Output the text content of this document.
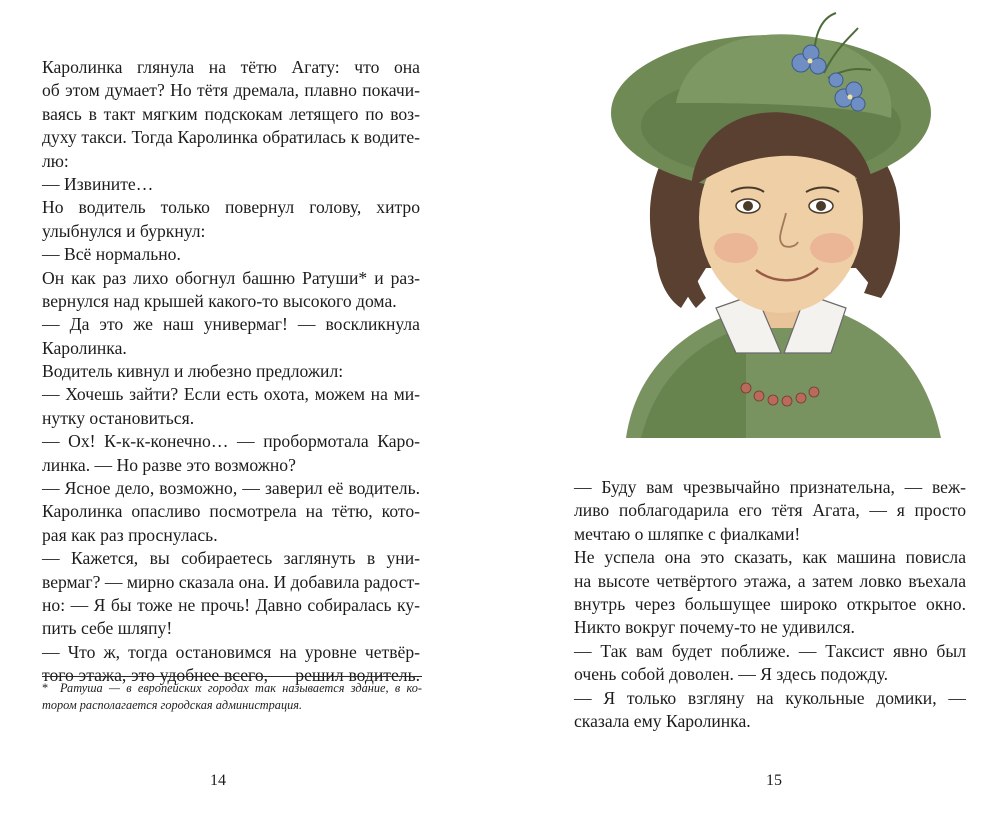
Каролинка глянула на тётю Агату: что она
об этом думает? Но тётя дремала, плавно покачи-
ваясь в такт мягким подскокам летящего по воз-
духу такси. Тогда Каролинка обратилась к водите-
лю:
— Извините…
Но водитель только повернул голову, хитро
улыбнулся и буркнул:
— Всё нормально.
Он как раз лихо обогнул башню Ратуши* и раз-
вернулся над крышей какого-то высокого дома.
— Да это же наш универмаг! — воскликнула
Каролинка.
Водитель кивнул и любезно предложил:
— Хочешь зайти? Если есть охота, можем на ми-
нутку остановиться.
— Ох! К-к-к-конечно… — пробормотала Каро-
линка. — Но разве это возможно?
— Ясное дело, возможно, — заверил её водитель.
Каролинка опасливо посмотрела на тётю, кото-
рая как раз проснулась.
— Кажется, вы собираетесь заглянуть в уни-
вермаг? — мирно сказала она. И добавила радост-
но: — Я бы тоже не прочь! Давно собиралась ку-
пить себе шляпу!
— Что ж, тогда остановимся на уровне четвёр-
того этажа, это удобнее всего, — решил водитель.
* Ратуша — в европейских городах так называется здание, в ко-
тором располагается городская администрация.
14
— Буду вам чрезвычайно признательна, — веж-
ливо поблагодарила его тётя Агата, — я просто
мечтаю о шляпке с фиалками!
Не успела она это сказать, как машина повисла
на высоте четвёртого этажа, а затем ловко въехала
внутрь через большущее широко открытое окно.
Никто вокруг почему-то не удивился.
— Так вам будет поближе. — Таксист явно был
очень собой доволен. — Я здесь подожду.
— Я только взгляну на кукольные домики, —
сказала ему Каролинка.
15
